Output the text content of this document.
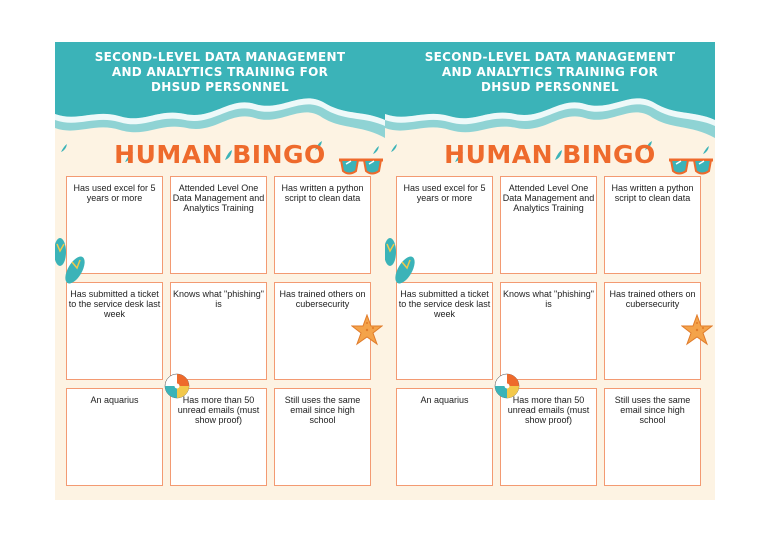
SECOND-LEVEL DATA MANAGEMENT
AND ANALYTICS TRAINING FOR
DHSUD PERSONNEL
HUMAN BINGO
Has used excel for 5 years or more
Attended Level One Data Management and Analytics Training
Has written a python script to clean data
Has submitted a ticket to the service desk last week
Knows what "phishing" is
Has trained others on cubersecurity
An aquarius	Has more than 50 unread emails (must show proof)
Still uses the same email since high school
SECOND-LEVEL DATA MANAGEMENT
AND ANALYTICS TRAINING FOR
DHSUD PERSONNEL
HUMAN BINGO
Has used excel for 5 years or more
Attended Level One Data Management and Analytics Training
Has written a python script to clean data
Has submitted a ticket to the service desk last week
Knows what "phishing" is
Has trained others on cubersecurity
An aquarius	Has more than 50 unread emails (must show proof)
Still uses the same email since high school
